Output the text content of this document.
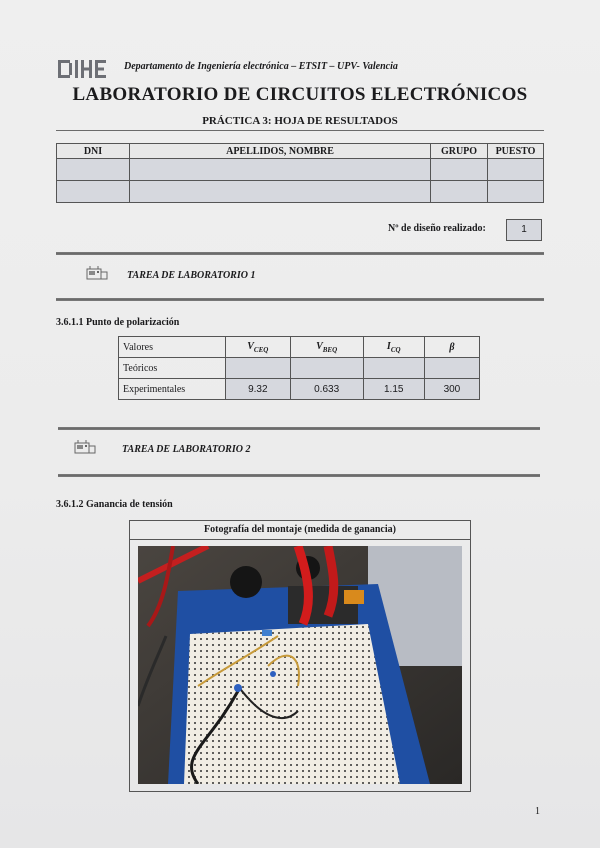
Departamento de Ingeniería electrónica – ETSIT – UPV- Valencia
LABORATORIO DE CIRCUITOS ELECTRÓNICOS
PRÁCTICA 3: HOJA DE RESULTADOS
DNI	APELLIDOS, NOMBRE	GRUPO	PUESTO

Nº de diseño realizado:	1
TAREA DE LABORATORIO 1
3.6.1.1 Punto de polarización
Valores	$V_{CEQ}$	$V_{BEQ}$	$I_{CQ}$	β
Teóricos				
Experimentales	9.32	0.633	1.15	300
TAREA DE LABORATORIO 2
3.6.1.2 Ganancia de tensión
Fotografía del montaje (medida de ganancia)
1
